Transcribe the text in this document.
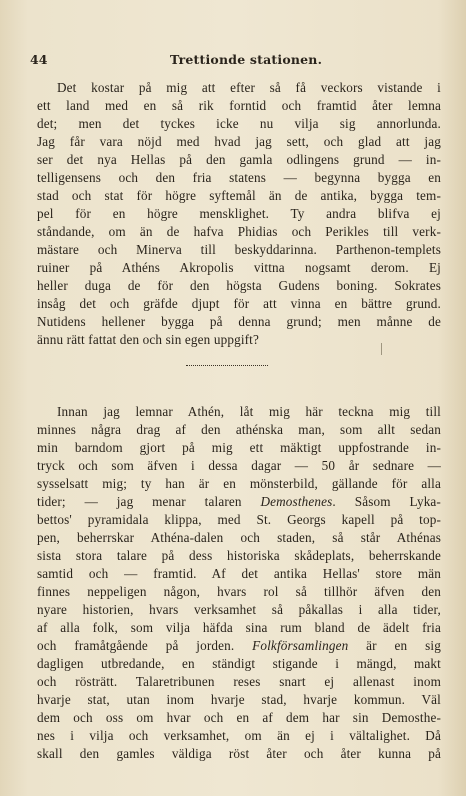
44	Trettionde stationen.

Det kostar på mig att efter så få veckors vistande i
ett land med en så rik forntid och framtid åter lemna
det; men det tyckes icke nu vilja sig annorlunda.
Jag får vara nöjd med hvad jag sett, och glad att jag
ser det nya Hellas på den gamla odlingens grund — in-
telligensens och den fria statens — begynna bygga en
stad och stat för högre syftemål än de antika, bygga tem-
pel för en högre mensklighet. Ty andra blifva ej
ståndande, om än de hafva Phidias och Perikles till verk-
mästare och Minerva till beskyddarinna. Parthenon-templets
ruiner på Athéns Akropolis vittna nogsamt derom. Ej
heller duga de för den högsta Gudens boning. Sokrates
insåg det och gräfde djupt för att vinna en bättre grund.
Nutidens hellener bygga på denna grund; men månne de
ännu rätt fattat den och sin egen uppgift?

Innan jag lemnar Athén, låt mig här teckna mig till
minnes några drag af den athénska man, som allt sedan
min barndom gjort på mig ett mäktigt uppfostrande in-
tryck och som äfven i dessa dagar — 50 år sednare —
sysselsatt mig; ty han är en mönsterbild, gällande för alla
tider; — jag menar talaren Demosthenes. Såsom Lyka-
bettos' pyramidala klippa, med St. Georgs kapell på top-
pen, beherrskar Athéna-dalen och staden, så står Athénas
sista stora talare på dess historiska skådeplats, beherrskande
samtid och — framtid. Af det antika Hellas' store män
finnes neppeligen någon, hvars rol så tillhör äfven den
nyare historien, hvars verksamhet så påkallas i alla tider,
af alla folk, som vilja häfda sina rum bland de ädelt fria
och framåtgående på jorden. Folkförsamlingen är en sig
dagligen utbredande, en ständigt stigande i mängd, makt
och rösträtt. Talaretribunen reses snart ej allenast inom
hvarje stat, utan inom hvarje stad, hvarje kommun. Väl
dem och oss om hvar och en af dem har sin Demosthe-
nes i vilja och verksamhet, om än ej i vältalighet. Då
skall den gamles väldiga röst åter och åter kunna på
